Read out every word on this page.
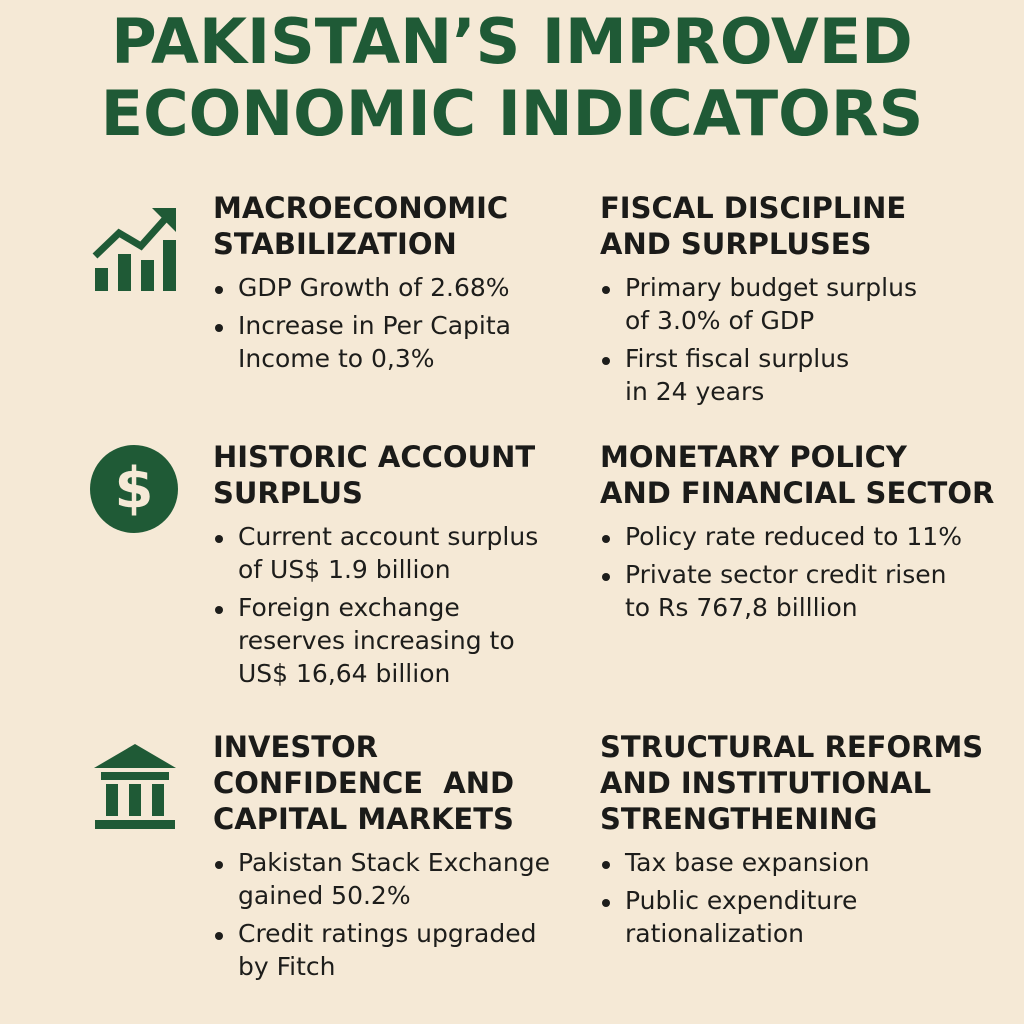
PAKISTAN’S IMPROVED
ECONOMIC INDICATORS
$
MACROECONOMIC
STABILIZATION
GDP Growth of 2.68%
Increase in Per Capita Income to 0,3%
FISCAL DISCIPLINE
AND SURPLUSES
Primary budget surplus of 3.0% of GDP
First fiscal surplus in 24 years
HISTORIC ACCOUNT
SURPLUS
Current account surplus of US$ 1.9 billion
Foreign exchange reserves increasing to US$ 16,64 billion
MONETARY POLICY
AND FINANCIAL SECTOR
Policy rate reduced to 11%
Private sector credit risen to Rs 767,8 billlion
INVESTOR
CONFIDENCE  AND
CAPITAL MARKETS
Pakistan Stack Exchange gained 50.2%
Credit ratings upgraded by Fitch
STRUCTURAL REFORMS
AND INSTITUTIONAL
STRENGTHENING
Tax base expansion
Public expenditure rationalization
